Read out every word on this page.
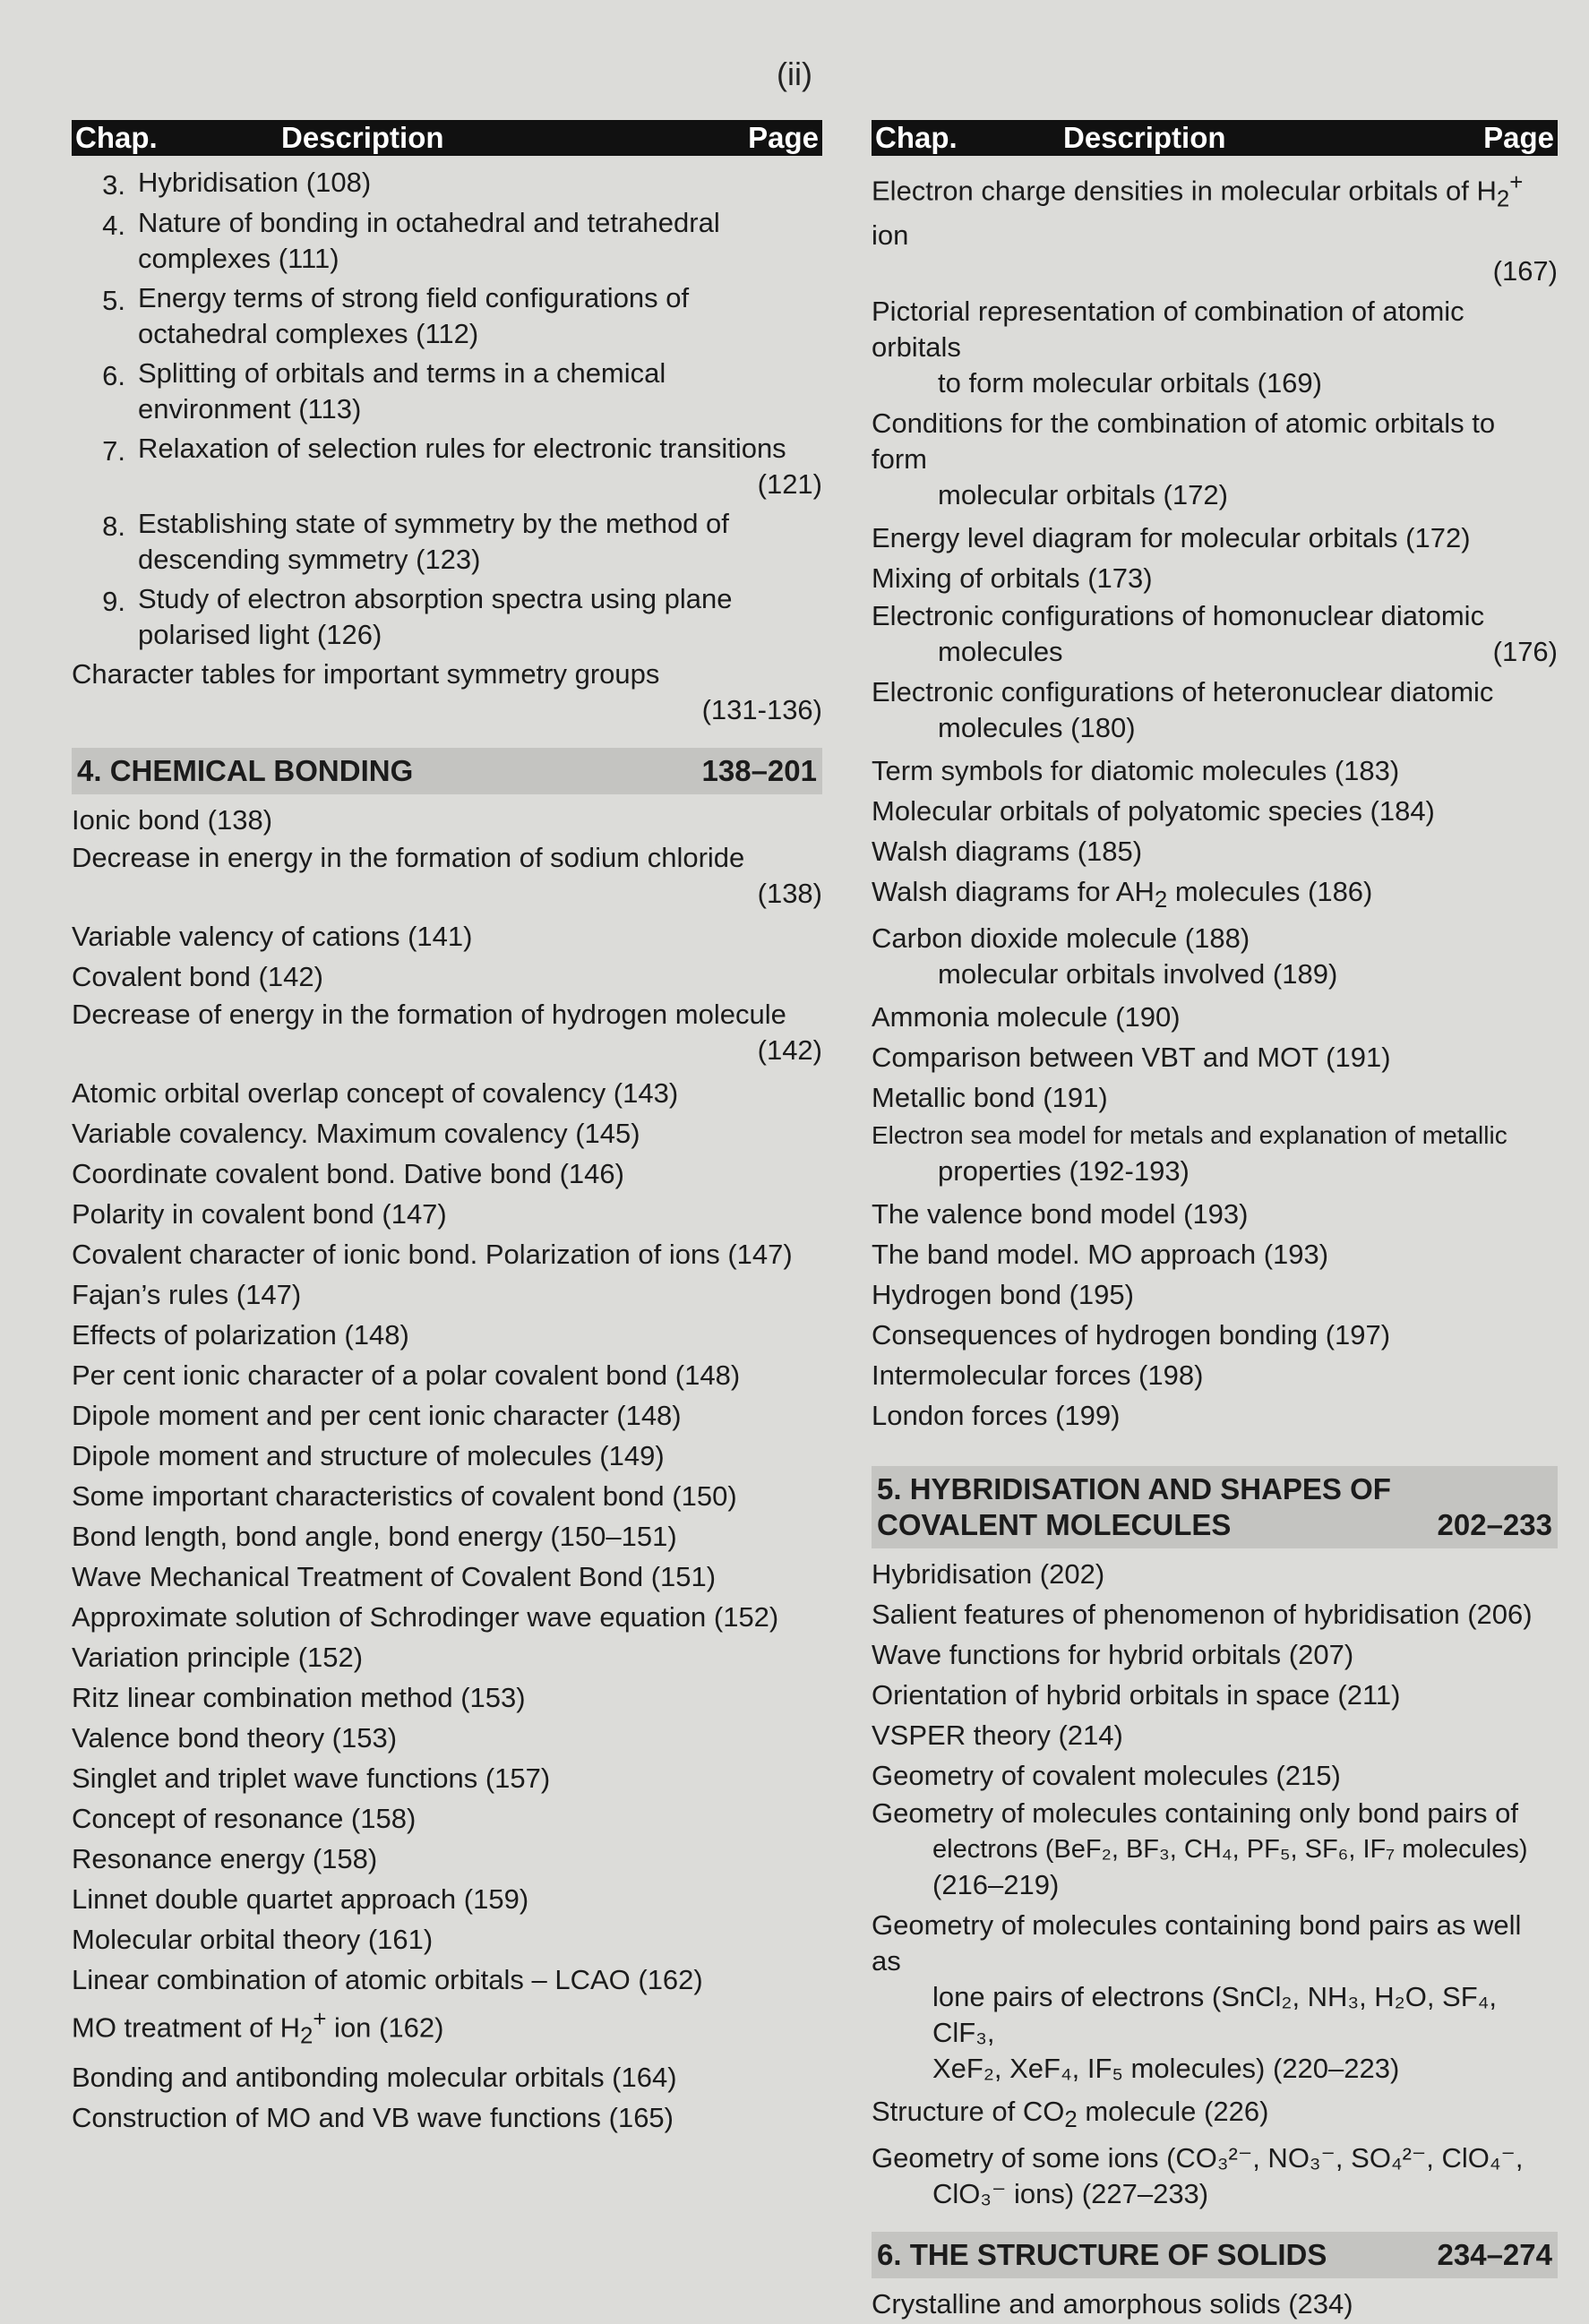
(ii)
Chap.	Description	Page
3. Hybridisation (108)
4. Nature of bonding in octahedral and tetrahedral complexes (111)
5. Energy terms of strong field configurations of octahedral complexes (112)
6. Splitting of orbitals and terms in a chemical environment (113)
7. Relaxation of selection rules for electronic transitions
(121)
8. Establishing state of symmetry by the method of descending symmetry (123)
9. Study of electron absorption spectra using plane polarised light (126)
Character tables for important symmetry groups
(131-136)
4. CHEMICAL BONDING	138–201
Ionic bond (138)
Decrease in energy in the formation of sodium chloride
(138)
Variable valency of cations (141)
Covalent bond (142)
Decrease of energy in the formation of hydrogen molecule
(142)
Atomic orbital overlap concept of covalency (143)
Variable covalency. Maximum covalency (145)
Coordinate covalent bond. Dative bond (146)
Polarity in covalent bond (147)
Covalent character of ionic bond. Polarization of ions (147)
Fajan’s rules (147)
Effects of polarization (148)
Per cent ionic character of a polar covalent bond (148)
Dipole moment and per cent ionic character (148)
Dipole moment and structure of molecules (149)
Some important characteristics of covalent bond (150)
Bond length, bond angle, bond energy (150–151)
Wave Mechanical Treatment of Covalent Bond (151)
Approximate solution of Schrodinger wave equation (152)
Variation principle (152)
Ritz linear combination method (153)
Valence bond theory (153)
Singlet and triplet wave functions (157)
Concept of resonance (158)
Resonance energy (158)
Linnet double quartet approach (159)
Molecular orbital theory (161)
Linear combination of atomic orbitals – LCAO (162)
MO treatment of $H_2^+$ ion (162)
Bonding and antibonding molecular orbitals (164)
Construction of MO and VB wave functions (165)
Chap.	Description	Page
Electron charge densities in molecular orbitals of $H_2^+$ ion
(167)
Pictorial representation of combination of atomic orbitals
to form molecular orbitals (169)
Conditions for the combination of atomic orbitals to form
molecular orbitals (172)
Energy level diagram for molecular orbitals (172)
Mixing of orbitals (173)
Electronic configurations of homonuclear diatomic
molecules	(176)
Electronic configurations of heteronuclear diatomic
molecules (180)
Term symbols for diatomic molecules (183)
Molecular orbitals of polyatomic species (184)
Walsh diagrams (185)
Walsh diagrams for $AH_2$ molecules (186)
Carbon dioxide molecule (188)
molecular orbitals involved (189)
Ammonia molecule (190)
Comparison between VBT and MOT (191)
Metallic bond (191)
Electron sea model for metals and explanation of metallic
properties (192-193)
The valence bond model (193)
The band model. MO approach (193)
Hydrogen bond (195)
Consequences of hydrogen bonding (197)
Intermolecular forces (198)
London forces (199)
5. HYBRIDISATION AND SHAPES OF COVALENT MOLECULES	202–233
Hybridisation (202)
Salient features of phenomenon of hybridisation (206)
Wave functions for hybrid orbitals (207)
Orientation of hybrid orbitals in space (211)
VSPER theory (214)
Geometry of covalent molecules (215)
Geometry of molecules containing only bond pairs of
electrons (BeF₂, BF₃, CH₄, PF₅, SF₆, IF₇ molecules)
(216–219)
Geometry of molecules containing bond pairs as well as
lone pairs of electrons (SnCl₂, NH₃, H₂O, SF₄, ClF₃,
XeF₂, XeF₄, IF₅ molecules) (220–223)
Structure of $CO_2$ molecule (226)
Geometry of some ions (CO₃²⁻, NO₃⁻, SO₄²⁻, ClO₄⁻,
ClO₃⁻ ions) (227–233)
6. THE STRUCTURE OF SOLIDS	234–274
Crystalline and amorphous solids (234)
